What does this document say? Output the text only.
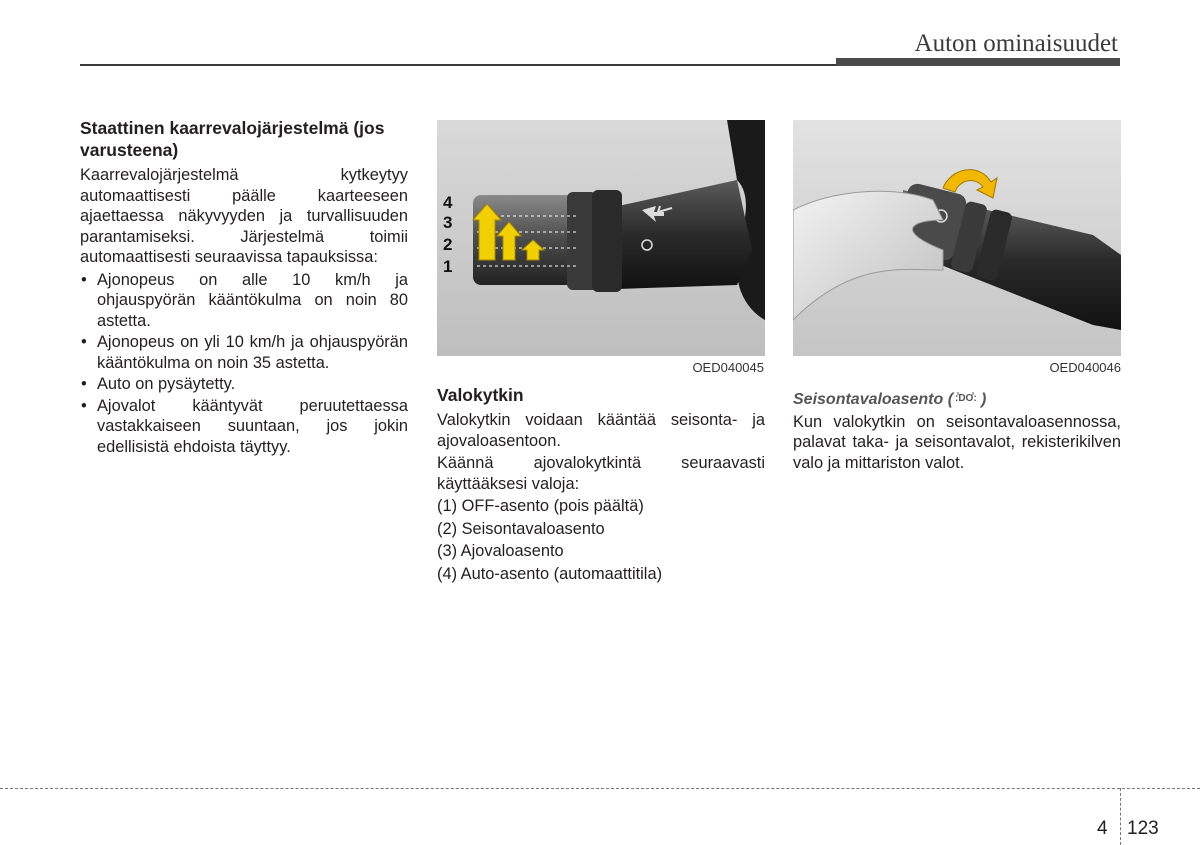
Auton ominaisuudet
Staattinen kaarrevalojärjestelmä (jos varusteena)

Kaarrevalojärjestelmä kytkeytyy automaattisesti päälle kaarteeseen ajaettaessa näkyvyyden ja turvallisuuden parantamiseksi. Järjestelmä toimii automaattisesti seuraavissa tapauksissa:

• Ajonopeus on alle 10 km/h ja ohjauspyörän kääntökulma on noin 80 astetta.
• Ajonopeus on yli 10 km/h ja ohjauspyörän kääntökulma on noin 35 astetta.
• Auto on pysäytetty.
• Ajovalot kääntyvät peruutettaessa vastakkaiseen suuntaan, jos jokin edellisistä ehdoista täyttyy.
4
3
2
1
OED040045	OED040046
Valokytkin

Valokytkin voidaan kääntää seisonta- ja ajovaloasentoon.

Käännä ajovalokytkintä seuraavasti käyttääksesi valoja:

(1) OFF-asento (pois päältä)

(2) Seisontavaloasento

(3) Ajovaloasento

(4) Auto-asento (automaattitila)

Seisontavaloasento ( :DO: )

Kun valokytkin on seisontavaloasennossa, palavat taka- ja seisontavalot, rekisterikilven valo ja mittariston valot.

4 123
